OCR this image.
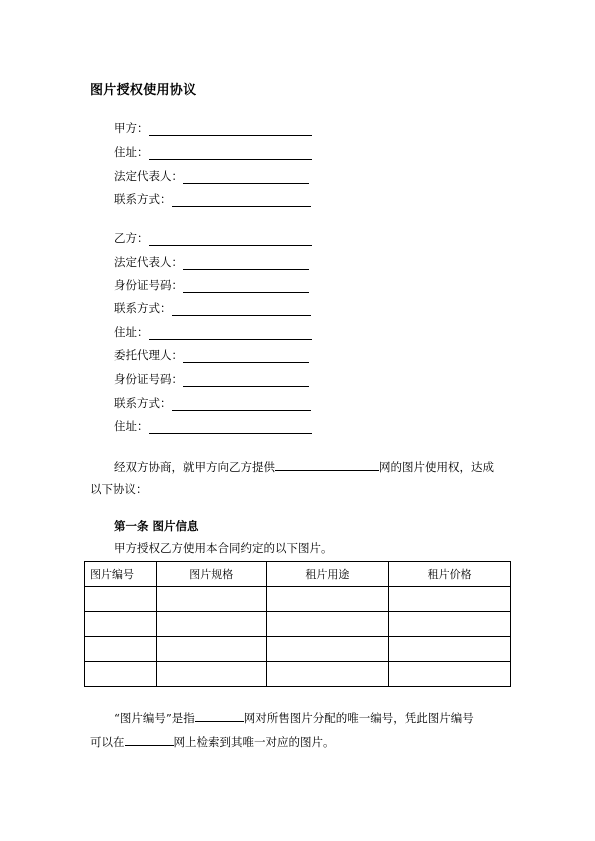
图片授权使用协议
甲方：
住址：
法定代表人：
联系方式：
乙方：
法定代表人：
身份证号码：
联系方式：
住址：
委托代理人：
身份证号码：
联系方式：
住址：
经双方协商，就甲方向乙方提供	网的图片使用权，达成
以下协议：
第一条 图片信息
甲方授权乙方使用本合同约定的以下图片。
图片编号	图片规格	租片用途	租片价格

“图片编号”是指	网对所售图片分配的唯一编号，凭此图片编号
可以在	网上检索到其唯一对应的图片。
